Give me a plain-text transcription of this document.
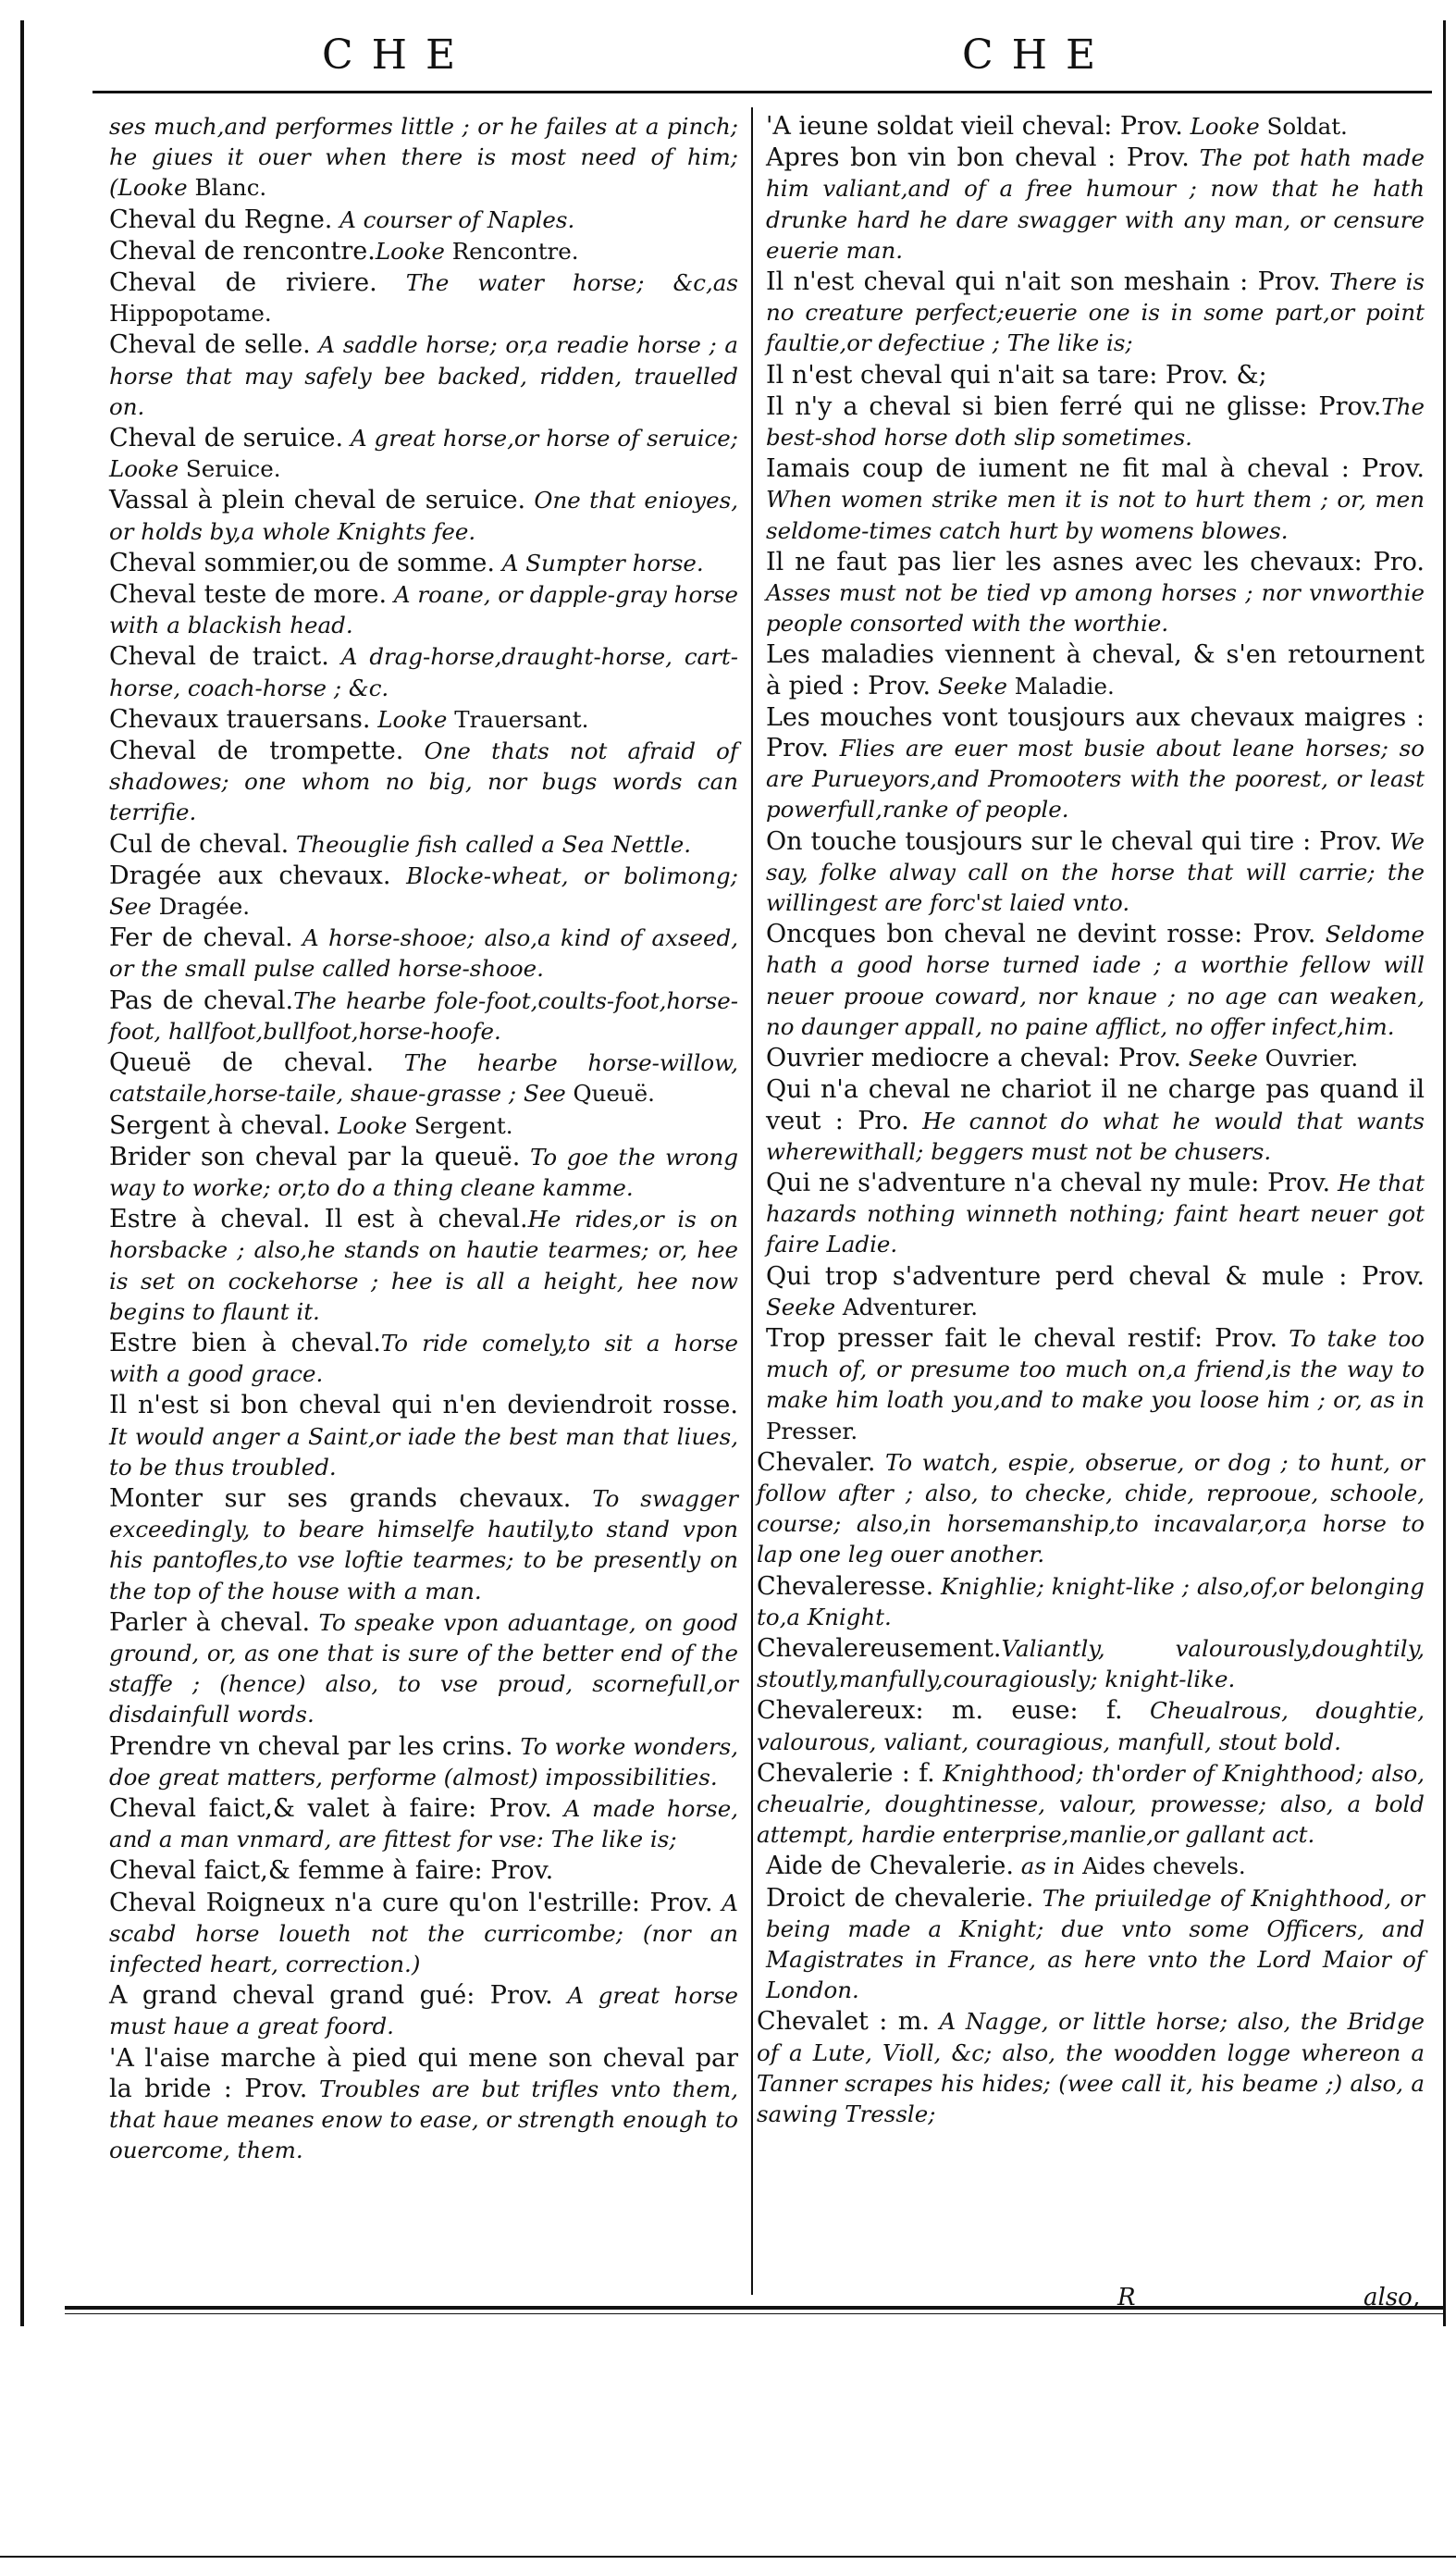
CHE	CHE
ses much,and performes little ; or he failes at a pinch; he giues it ouer when there is most need of him; (Looke Blanc.
Cheval du Regne. A courser of Naples.
Cheval de rencontre.Looke Rencontre.
Cheval de riviere. The water horse; &c,as Hippopotame.
Cheval de selle. A saddle horse; or,a readie horse ; a horse that may safely bee backed, ridden, trauelled on.
Cheval de seruice. A great horse,or horse of seruice; Looke Seruice.
Vassal à plein cheval de seruice. One that enioyes, or holds by,a whole Knights fee.
Cheval sommier,ou de somme. A Sumpter horse.
Cheval teste de more. A roane, or dapple-gray horse with a blackish head.
Cheval de traict. A drag-horse,draught-horse, cart-horse, coach-horse ; &c.
Chevaux trauersans. Looke Trauersant.
Cheval de trompette. One thats not afraid of shadowes; one whom no big, nor bugs words can terrifie.
Cul de cheval. Theouglie fish called a Sea Nettle.
Dragée aux chevaux. Blocke-wheat, or bolimong; See Dragée.
Fer de cheval. A horse-shooe; also,a kind of axseed, or the small pulse called horse-shooe.
Pas de cheval.The hearbe fole-foot,coults-foot,horse-foot, hallfoot,bullfoot,horse-hoofe.
Queuë de cheval. The hearbe horse-willow, catstaile,horse-taile, shaue-grasse ; See Queuë.
Sergent à cheval. Looke Sergent.
Brider son cheval par la queuë. To goe the wrong way to worke; or,to do a thing cleane kamme.
Estre à cheval. Il est à cheval.He rides,or is on horsbacke ; also,he stands on hautie tearmes; or, hee is set on cockehorse ; hee is all a height, hee now begins to flaunt it.
Estre bien à cheval.To ride comely,to sit a horse with a good grace.
Il n'est si bon cheval qui n'en deviendroit rosse. It would anger a Saint,or iade the best man that liues, to be thus troubled.
Monter sur ses grands chevaux. To swagger exceedingly, to beare himselfe hautily,to stand vpon his pantofles,to vse loftie tearmes; to be presently on the top of the house with a man.
Parler à cheval. To speake vpon aduantage, on good ground, or, as one that is sure of the better end of the staffe ; (hence) also, to vse proud, scornefull,or disdainfull words.
Prendre vn cheval par les crins. To worke wonders, doe great matters, performe (almost) impossibilities.
Cheval faict,& valet à faire: Prov. A made horse, and a man vnmard, are fittest for vse: The like is;
Cheval faict,& femme à faire: Prov.
Cheval Roigneux n'a cure qu'on l'estrille: Prov. A scabd horse loueth not the curricombe; (nor an infected heart, correction.)
A grand cheval grand gué: Prov. A great horse must haue a great foord.
'A l'aise marche à pied qui mene son cheval par la bride : Prov. Troubles are but trifles vnto them, that haue meanes enow to ease, or strength enough to ouercome, them.
'A ieune soldat vieil cheval: Prov. Looke Soldat.
Apres bon vin bon cheval : Prov. The pot hath made him valiant,and of a free humour ; now that he hath drunke hard he dare swagger with any man, or censure euerie man.
Il n'est cheval qui n'ait son meshain : Prov. There is no creature perfect;euerie one is in some part,or point faultie,or defectiue ; The like is;
Il n'est cheval qui n'ait sa tare: Prov. &;
Il n'y a cheval si bien ferré qui ne glisse: Prov.The best-shod horse doth slip sometimes.
Iamais coup de iument ne fit mal à cheval : Prov. When women strike men it is not to hurt them ; or, men seldome-times catch hurt by womens blowes.
Il ne faut pas lier les asnes avec les chevaux: Pro. Asses must not be tied vp among horses ; nor vnworthie people consorted with the worthie.
Les maladies viennent à cheval, & s'en retournent à pied : Prov. Seeke Maladie.
Les mouches vont tousjours aux chevaux maigres : Prov. Flies are euer most busie about leane horses; so are Purueyors,and Promooters with the poorest, or least powerfull,ranke of people.
On touche tousjours sur le cheval qui tire : Prov. We say, folke alway call on the horse that will carrie; the willingest are forc'st laied vnto.
Oncques bon cheval ne devint rosse: Prov. Seldome hath a good horse turned iade ; a worthie fellow will neuer prooue coward, nor knaue ; no age can weaken, no daunger appall, no paine afflict, no offer infect,him.
Ouvrier mediocre a cheval: Prov. Seeke Ouvrier.
Qui n'a cheval ne chariot il ne charge pas quand il veut : Pro. He cannot do what he would that wants wherewithall; beggers must not be chusers.
Qui ne s'adventure n'a cheval ny mule: Prov. He that hazards nothing winneth nothing; faint heart neuer got faire Ladie.
Qui trop s'adventure perd cheval & mule : Prov. Seeke Adventurer.
Trop presser fait le cheval restif: Prov. To take too much of, or presume too much on,a friend,is the way to make him loath you,and to make you loose him ; or, as in Presser.
Chevaler. To watch, espie, obserue, or dog ; to hunt, or follow after ; also, to checke, chide, reprooue, schoole, course; also,in horsemanship,to incavalar,or,a horse to lap one leg ouer another.
Chevaleresse. Knighlie; knight-like ; also,of,or belonging to,a Knight.
Chevalereusement.Valiantly, valourously,doughtily, stoutly,manfully,couragiously; knight-like.
Chevalereux: m. euse: f. Cheualrous, doughtie, valourous, valiant, couragious, manfull, stout bold.
Chevalerie : f. Knighthood; th'order of Knighthood; also, cheualrie, doughtinesse, valour, prowesse; also, a bold attempt, hardie enterprise,manlie,or gallant act.
Aide de Chevalerie. as in Aides chevels.
Droict de chevalerie. The priuiledge of Knighthood, or being made a Knight; due vnto some Officers, and Magistrates in France, as here vnto the Lord Maior of London.
Chevalet : m. A Nagge, or little horse; also, the Bridge of a Lute, Violl, &c; also, the woodden logge whereon a Tanner scrapes his hides; (wee call it, his beame ;) also, a sawing Tressle;
R	also,
